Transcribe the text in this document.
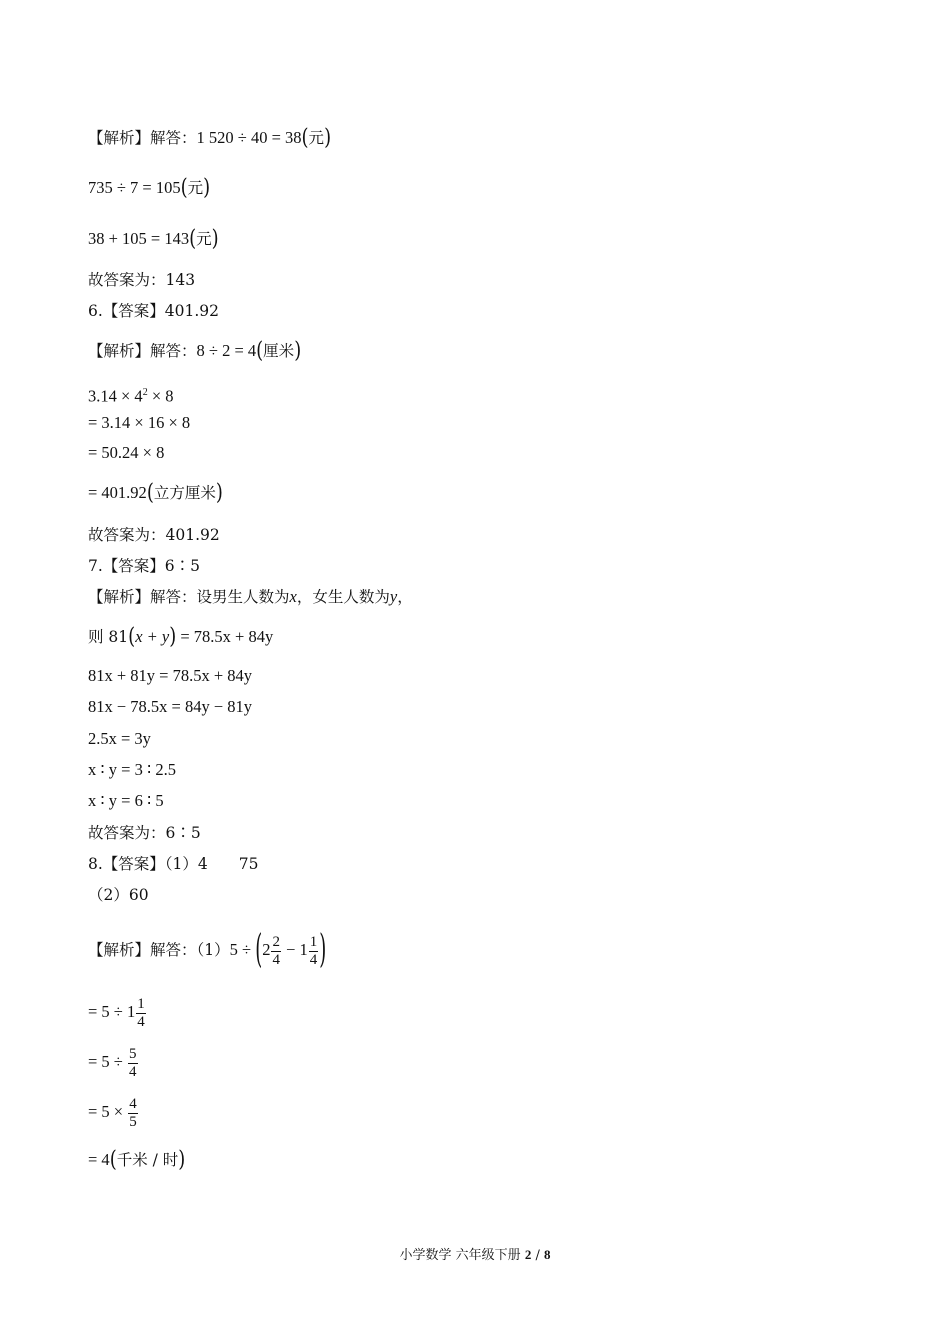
【解析】解答：1 520 ÷ 40 = 38(元)
735 ÷ 7 = 105(元)
38 + 105 = 143(元)
故答案为：143
6.【答案】401.92
【解析】解答：8 ÷ 2 = 4(厘米)
$3.14 \times 4^2 \times 8$
= 3.14 × 16 × 8
= 50.24 × 8
= 401.92(立方厘米)
故答案为：401.92
7.【答案】6∶5
【解析】解答：设男生人数为x，女生人数为y，
则 81(x + y) = 78.5x + 84y
81x + 81y = 78.5x + 84y
81x − 78.5x = 84y − 81y
2.5x = 3y
x ∶ y = 3 ∶ 2.5
x ∶ y = 6 ∶ 5
故答案为：6∶5
8.【答案】（1）4　　75
（2）60
【解析】解答：$(1)5 \div (2 \frac{2}{4} - 1 \frac{1}{4}$ )
= $5 \div 1 \frac{1}{4}$
= $5 \div \frac{5}{4}$
= $5 \times \frac{4}{5}$
= 4(千米 / 时)
小学数学 六年级下册 2 / 8
